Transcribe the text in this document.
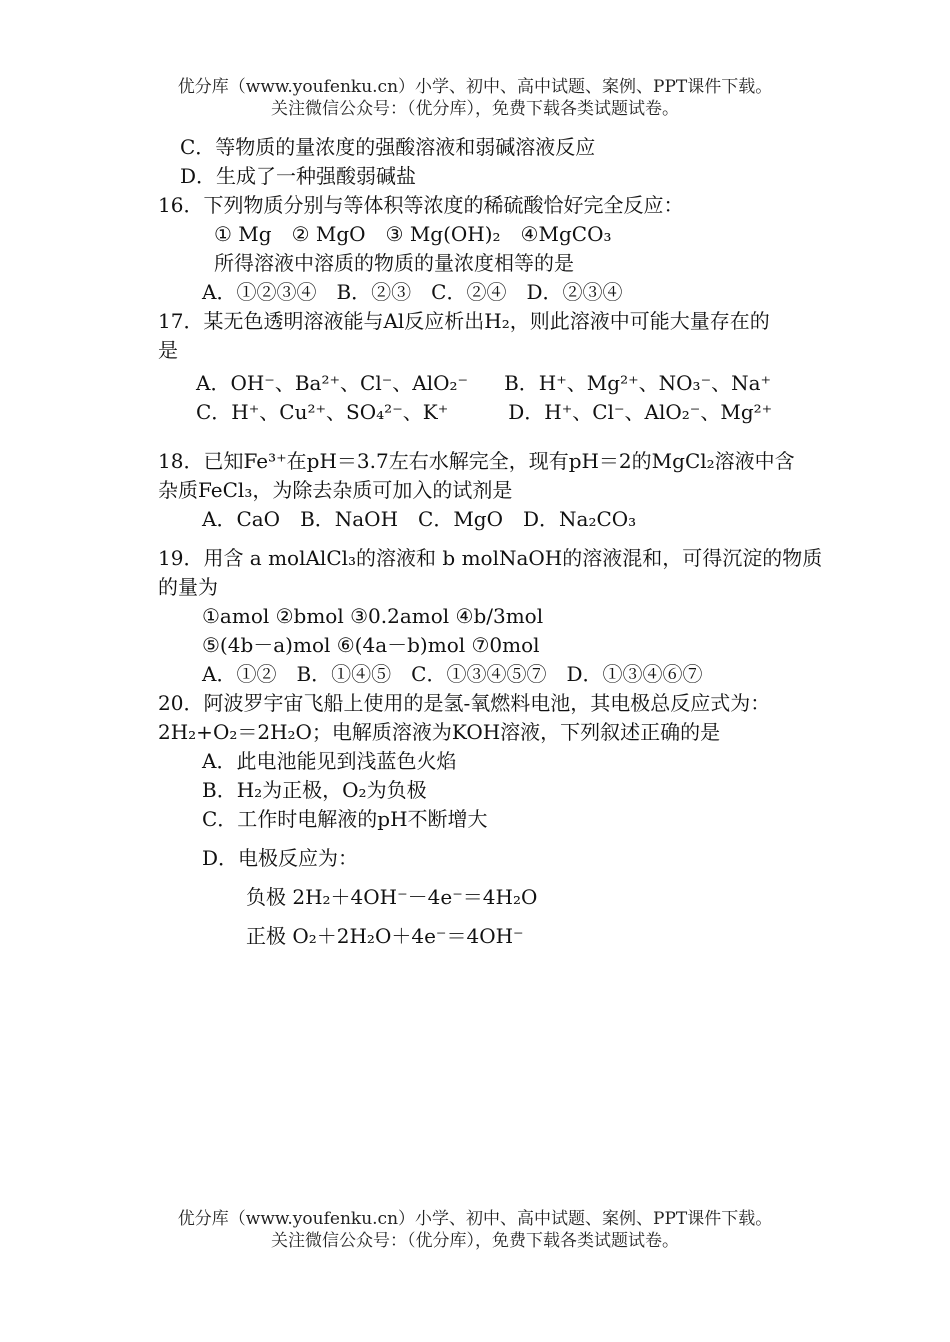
优分库（www.youfenku.cn）小学、初中、高中试题、案例、PPT课件下载。
关注微信公众号：（优分库），免费下载各类试题试卷。
C．等物质的量浓度的强酸溶液和弱碱溶液反应
D．生成了一种强酸弱碱盐
16．下列物质分别与等体积等浓度的稀硫酸恰好完全反应：
① Mg　② MgO　③ Mg(OH)₂　④MgCO₃
所得溶液中溶质的物质的量浓度相等的是
A．①②③④　B．②③　C．②④　D．②③④
17．某无色透明溶液能与Al反应析出H₂，则此溶液中可能大量存在的
是
A．OH⁻、Ba²⁺、Cl⁻、AlO₂⁻ B．H⁺、Mg²⁺、NO₃⁻、Na⁺
C．H⁺、Cu²⁺、SO₄²⁻、K⁺	D．H⁺、Cl⁻、AlO₂⁻、Mg²⁺
18．已知Fe³⁺在pH＝3.7左右水解完全，现有pH＝2的MgCl₂溶液中含
杂质FeCl₃，为除去杂质可加入的试剂是
A．CaO　B．NaOH　C．MgO　D．Na₂CO₃
19．用含 a molAlCl₃的溶液和 b molNaOH的溶液混和，可得沉淀的物质
的量为
①amol ②bmol ③0.2amol ④b/3mol
⑤(4b－a)mol ⑥(4a－b)mol ⑦0mol
A．①②　B．①④⑤　C．①③④⑤⑦　D．①③④⑥⑦
20．阿波罗宇宙飞船上使用的是氢-氧燃料电池，其电极总反应式为：
2H₂+O₂＝2H₂O；电解质溶液为KOH溶液，下列叙述正确的是
A．此电池能见到浅蓝色火焰
B．H₂为正极，O₂为负极
C．工作时电解液的pH不断增大
D．电极反应为：
负极 2H₂＋4OH⁻－4e⁻＝4H₂O
正极 O₂＋2H₂O＋4e⁻＝4OH⁻
优分库（www.youfenku.cn）小学、初中、高中试题、案例、PPT课件下载。
关注微信公众号：（优分库），免费下载各类试题试卷。
